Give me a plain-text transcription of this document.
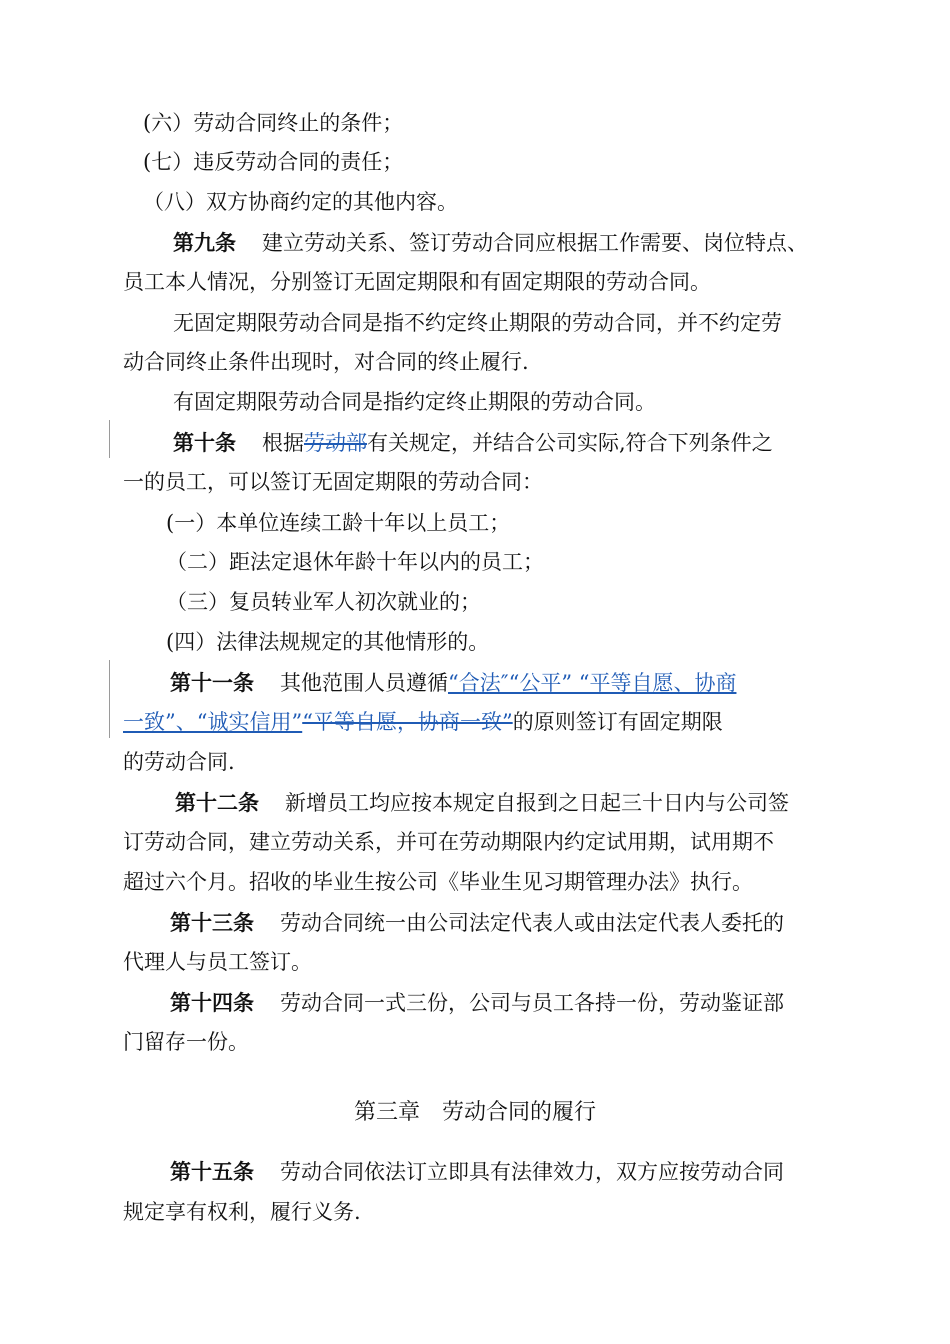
(六）劳动合同终止的条件；
(七）违反劳动合同的责任；
（八）双方协商约定的其他内容。
第九条 建立劳动关系、签订劳动合同应根据工作需要、岗位特点、
员工本人情况，分别签订无固定期限和有固定期限的劳动合同。
无固定期限劳动合同是指不约定终止期限的劳动合同，并不约定劳
动合同终止条件出现时，对合同的终止履行.
有固定期限劳动合同是指约定终止期限的劳动合同。
第十条 根据劳动部有关规定，并结合公司实际,符合下列条件之
一的员工，可以签订无固定期限的劳动合同：
(一）本单位连续工龄十年以上员工；
（二）距法定退休年龄十年以内的员工；
（三）复员转业军人初次就业的；
(四）法律法规规定的其他情形的。
第十一条 其他范围人员遵循“合法″“公平” “平等自愿、协商
一致”、“诚实信用”“平等自愿，协商一致”的原则签订有固定期限
的劳动合同.
第十二条 新增员工均应按本规定自报到之日起三十日内与公司签
订劳动合同，建立劳动关系，并可在劳动期限内约定试用期，试用期不
超过六个月。招收的毕业生按公司《毕业生见习期管理办法》执行。
第十三条 劳动合同统一由公司法定代表人或由法定代表人委托的
代理人与员工签订。
第十四条 劳动合同一式三份，公司与员工各持一份，劳动鉴证部
门留存一份。
第三章　劳动合同的履行
第十五条 劳动合同依法订立即具有法律效力，双方应按劳动合同
规定享有权利，履行义务.
